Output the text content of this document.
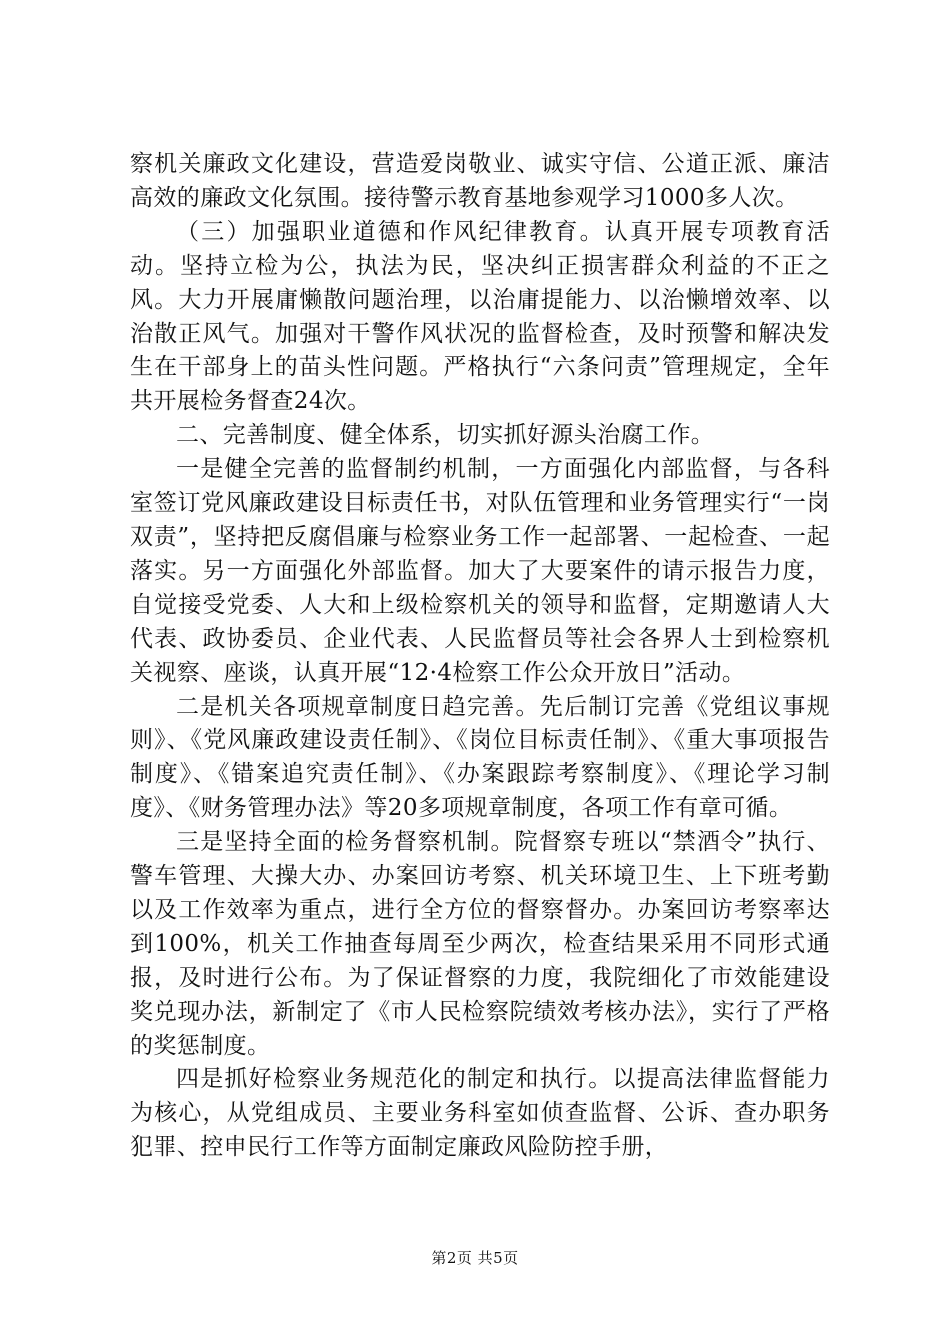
察机关廉政文化建设，营造爱岗敬业、诚实守信、公道正派、廉洁高效的廉政文化氛围。接待警示教育基地参观学习1000多人次。

（三）加强职业道德和作风纪律教育。认真开展专项教育活动。坚持立检为公，执法为民，坚决纠正损害群众利益的不正之风。大力开展庸懒散问题治理，以治庸提能力、以治懒增效率、以治散正风气。加强对干警作风状况的监督检查，及时预警和解决发生在干部身上的苗头性问题。严格执行“六条问责”管理规定，全年共开展检务督查24次。

二、完善制度、健全体系，切实抓好源头治腐工作。

一是健全完善的监督制约机制，一方面强化内部监督，与各科室签订党风廉政建设目标责任书，对队伍管理和业务管理实行“一岗双责”，坚持把反腐倡廉与检察业务工作一起部署、一起检查、一起落实。另一方面强化外部监督。加大了大要案件的请示报告力度，自觉接受党委、人大和上级检察机关的领导和监督，定期邀请人大代表、政协委员、企业代表、人民监督员等社会各界人士到检察机关视察、座谈，认真开展“12·4检察工作公众开放日”活动。

二是机关各项规章制度日趋完善。先后制订完善《党组议事规则》、《党风廉政建设责任制》、《岗位目标责任制》、《重大事项报告制度》、《错案追究责任制》、《办案跟踪考察制度》、《理论学习制度》、《财务管理办法》等20多项规章制度，各项工作有章可循。

三是坚持全面的检务督察机制。院督察专班以“禁酒令”执行、警车管理、大操大办、办案回访考察、机关环境卫生、上下班考勤以及工作效率为重点，进行全方位的督察督办。办案回访考察率达到100%，机关工作抽查每周至少两次，检查结果采用不同形式通报，及时进行公布。为了保证督察的力度，我院细化了市效能建设奖兑现办法，新制定了《市人民检察院绩效考核办法》，实行了严格的奖惩制度。

四是抓好检察业务规范化的制定和执行。以提高法律监督能力为核心，从党组成员、主要业务科室如侦查监督、公诉、查办职务犯罪、控申民行工作等方面制定廉政风险防控手册，

第2页 共5页
